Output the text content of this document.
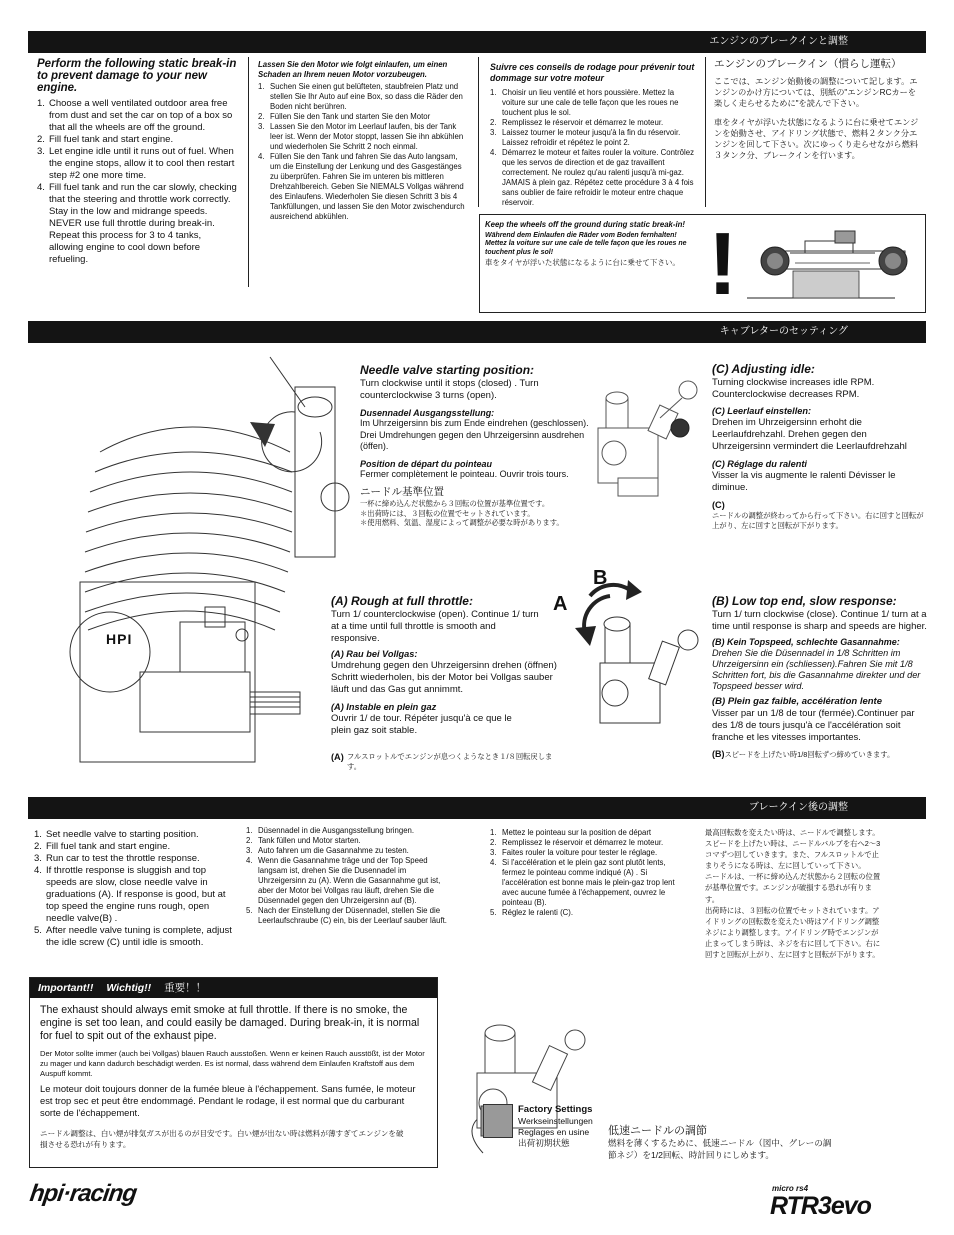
エンジンのブレークインと調整
Perform the following static break-in to prevent damage to your new engine.
1. Choose a well ventilated outdoor area free from dust and set the car on top of a box so that all the wheels are off the ground.
2. Fill fuel tank and start engine.
3. Let engine idle until it runs out of fuel. When the engine stops, allow it to cool then restart step #2 one more time.
4. Fill fuel tank and run the car slowly, checking that the steering and throttle work correctly. Stay in the low and midrange speeds. NEVER use full throttle during break-in. Repeat this process for 3 to 4 tanks, allowing engine to cool down before refueling.
Lassen Sie den Motor wie folgt einlaufen, um einen Schaden an Ihrem neuen Motor vorzubeugen.
1. Suchen Sie einen gut belüfteten, staubfreien Platz und stellen Sie Ihr Auto auf eine Box, so dass die Räder den Boden nicht berühren.
2. Füllen Sie den Tank und starten Sie den Motor
3. Lassen Sie den Motor im Leerlauf laufen, bis der Tank leer ist. Wenn der Motor stoppt, lassen Sie ihn abkühlen und wiederholen Sie Schritt 2 noch einmal.
4. Füllen Sie den Tank und fahren Sie das Auto langsam, um die Einstellung der Lenkung und des Gasgestänges zu überprüfen. Fahren Sie im unteren bis mittleren Drehzahlbereich. Geben Sie NIEMALS Vollgas während des Einlaufens. Wiederholen Sie diesen Schritt 3 bis 4 Tankfüllungen, und lassen Sie den Motor zwischendurch ausreichend abkühlen.
Suivre ces conseils de rodage pour prévenir tout dommage sur votre moteur
1. Choisir un lieu ventilé et hors poussière. Mettez la voiture sur une cale de telle façon que les roues ne touchent plus le sol.
2. Remplissez le réservoir et démarrez le moteur.
3. Laissez tourner le moteur jusqu'à la fin du réservoir. Laissez refroidir et répétez le point 2.
4. Démarrez le moteur et faites rouler la voiture. Contrôlez que les servos de direction et de gaz travaillent correctement. Ne roulez qu'au ralenti jusqu'à mi-gaz. JAMAIS à plein gaz. Répétez cette procédure 3 à 4 fois sans oublier de faire refroidir le moteur entre chaque réservoir.
エンジンのブレークイン（慣らし運転）
ここでは、エンジン始動後の調整について記します。エンジンのかけ方については、別紙の"エンジンRCカーを楽しく走らせるために"を読んで下さい。
車をタイヤが浮いた状態になるように台に乗せてエンジンを始動させ、アイドリング状態で、燃料２タンク分エンジンを回して下さい。次にゆっくり走らせながら燃料３タンク分、ブレークインを行います。
Keep the wheels off the ground during static break-in!
Während dem Einlaufen die Räder vom Boden fernhalten!
Mettez la voiture sur une cale de telle façon que les roues ne touchent plus le sol!
車をタイヤが浮いた状態になるように台に乗せて下さい。 !
キャブレターのセッティング
HPI
Needle valve starting position:
Turn clockwise until it stops (closed) . Turn counterclockwise 3 turns (open).
Dusennadel Ausgangsstellung:
Im Uhrzeigersinn bis zum Ende eindrehen (geschlossen). Drei Umdrehungen gegen den Uhrzeigersinn ausdrehen (öffen).
Position de départ du pointeau
Fermer complètement le pointeau. Ouvrir trois tours.
ニードル基準位置
一杯に締め込んだ状態から３回転の位置が基準位置です。
＊出荷時には、３回転の位置でセットされています。
＊使用燃料、気温、湿度によって調整が必要な時があります。
(C) Adjusting idle:
Turning clockwise increases idle RPM. Counterclockwise decreases RPM.
(C) Leerlauf einstellen:
Drehen im Uhrzeigersinn erhoht die Leerlaufdrehzahl. Drehen gegen den Uhrzeigersinn vermindert die Leerlaufdrehzahl
(C) Réglage du ralenti
Visser la vis augmente le ralenti Dévisser le diminue.
(C)
ニードルの調整が終わってから行って下さい。右に回すと回転が上がり、左に回すと回転が下がります。
(A) Rough at full throttle:
Turn 1/ counterclockwise (open). Continue 1/ turn at a time until full throttle is smooth and responsive.
(A) Rau bei Vollgas:
Umdrehung gegen den Uhrzeigersinn drehen (öffnen) Schritt wiederholen, bis der Motor bei Vollgas sauber läuft und das Gas gut annimmt.
(A) Instable en plein gaz
Ouvrir 1/ de tour. Répéter jusqu'à ce que le plein gaz soit stable.
(A) フルスロットルでエンジンが息つくようなとき１/８回転戻します。
B
A	(B) Low top end, slow response:
Turn 1/ turn clockwise (close). Continue 1/ turn at a time until response is sharp and speeds are higher.
(B) Kein Topspeed, schlechte Gasannahme:
Drehen Sie die Düsennadel in 1/8 Schritten im Uhrzeigersinn ein (schliessen).Fahren Sie mit 1/8 Schritten fort, bis die Gasannahme direkter und der Topspeed besser wird.
(B) Plein gaz faible, accélération lente
Visser par un 1/8 de tour (fermée).Continuer par des 1/8 de tours jusqu'à ce l'accélération soit franche et les vitesses importantes.
(B)スピードを上げたい時1/8回転ずつ締めていきます。
ブレークイン後の調整
1. Set needle valve to starting position.
2. Fill fuel tank and start engine.
3. Run car to test the throttle response.
4. If throttle response is sluggish and top speeds are slow, close needle valve in graduations (A). If response is good, but at top speed the engine runs rough, open needle valve(B) .
5. After needle valve tuning is complete, adjust the idle screw (C) until idle is smooth.
1. Düsennadel in die Ausgangsstellung bringen.
2. Tank füllen und Motor starten.
3. Auto fahren um die Gasannahme zu testen.
4. Wenn die Gasannahme träge und der Top Speed langsam ist, drehen Sie die Dusennadel im Uhrzeigersinn zu (A). Wenn die Gasannahme gut ist, aber der Motor bei Vollgas rau läuft, drehen Sie die Düsennadel gegen den Uhrzeigersinn auf (B).
5. Nach der Einstellung der Düsennadel, stellen Sie die Leerlaufschraube (C) ein, bis der Leerlauf sauber läuft.
1. Mettez le pointeau sur la position de départ
2. Remplissez le réservoir et démarrez le moteur.
3. Faites rouler la voiture pour tester le réglage.
4. Si l'accélération et le plein gaz sont plutôt lents, fermez le pointeau comme indiqué (A) . Si l'accélération est bonne mais le plein-gaz trop lent avec aucune fumée à l'échappement, ouvrez le pointeau (B).
5. Réglez le ralenti (C).
最高回転数を変えたい時は、ニードルで調整します。スピードを上げたい時は、ニードルバルブを右へ2～3コマずつ回していきます。また、フルスロットルで止まりそうになる時は、左に回していって下さい。
ニードルは、一杯に締め込んだ状態から２回転の位置が基準位置です。エンジンが破損する恐れが有ります。
出荷時には、３回転の位置でセットされています。アイドリングの回転数を変えたい時はアイドリング調整ネジにより調整します。アイドリング時でエンジンが止まってしまう時は、ネジを右に回して下さい。右に回すと回転が上がり、左に回すと回転が下がります。
Important!! Wichtig!! 重要！！
The exhaust should always emit smoke at full throttle. If there is no smoke, the engine is set too lean, and could easily be damaged. During break-in, it is normal for fuel to spit out of the exhaust pipe.
Der Motor sollte immer (auch bei Vollgas) blauen Rauch ausstoßen. Wenn er keinen Rauch ausstößt, ist der Motor zu mager und kann dadurch beschädigt werden. Es ist normal, dass während dem Einlaufen Kraftstoff aus dem Auspuff kommt.
Le moteur doit toujours donner de la fumée bleue à l'échappement. Sans fumée, le moteur est trop sec et peut être endommagé. Pendant le rodage, il est normal que du carburant sorte de l'échappement.
ニードル調整は、白い煙が排気ガスが出るのが目安です。白い煙が出ない時は燃料が薄すぎてエンジンを破損させる恐れが有ります。
Factory Settings
Werkseinstellungen
Reglages en usine
出荷初期状態
低速ニードルの調節
燃料を薄くするために、低速ニードル（図中、グレーの調節ネジ）を1/2回転、時計回りにしめます。
hpi·racing	micro rs4
RTR3evo
